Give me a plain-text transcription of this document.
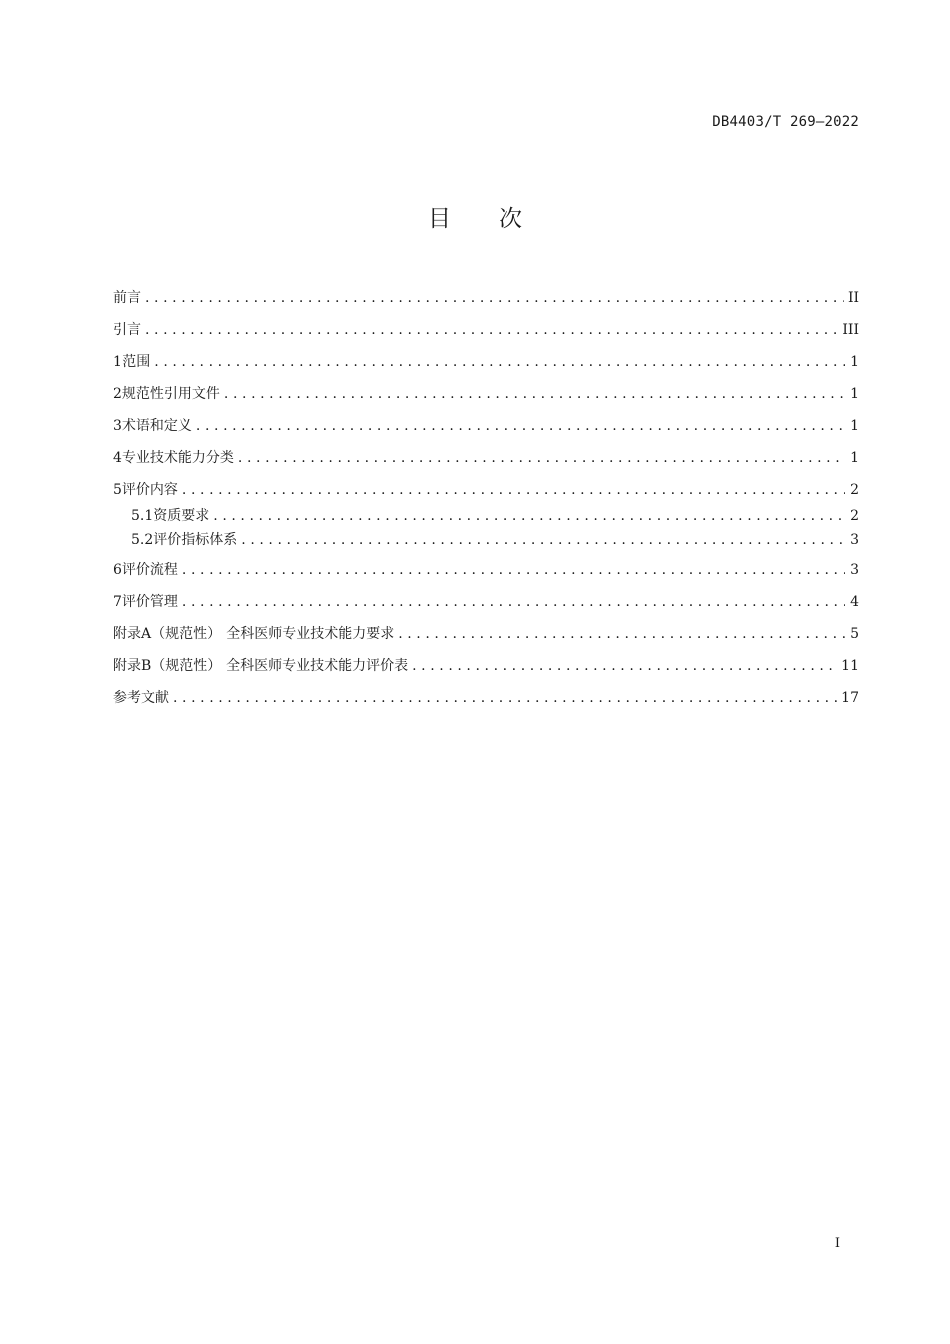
DB4403/T 269—2022
目 次
前言 .....	II
引言 .....	III
1 范围 .....	1
2 规范性引用文件 .....	1
3 术语和定义 .....	1
4 专业技术能力分类 .....	1
5 评价内容 .....	2
5.1 资质要求 .....	2
5.2 评价指标体系 .....	3
6 评价流程 .....	3
7 评价管理 .....	4
附录A（规范性） 全科医师专业技术能力要求 .....	5
附录B（规范性） 全科医师专业技术能力评价表 .....	11
参考文献 .....	17
I
